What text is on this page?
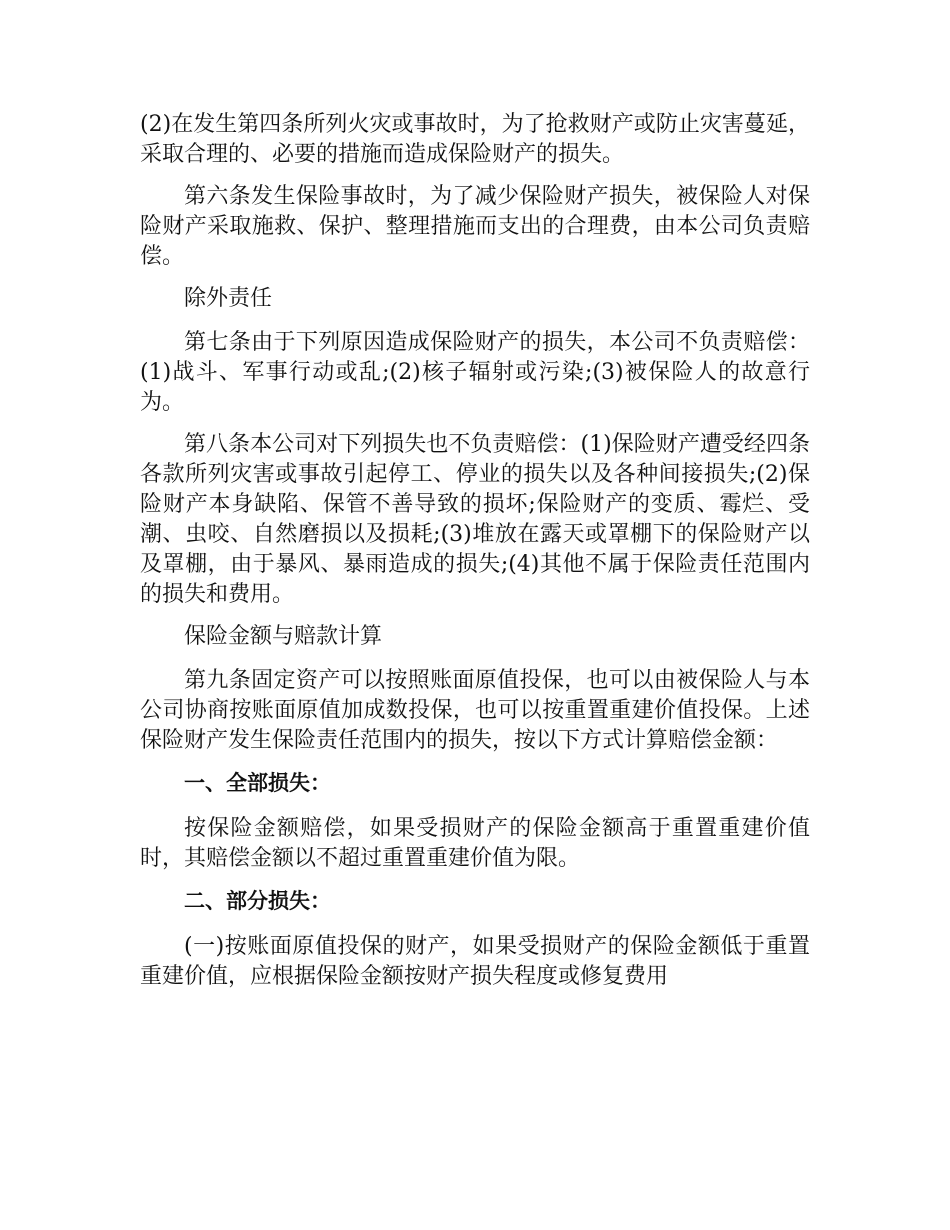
(2)在发生第四条所列火灾或事故时，为了抢救财产或防止灾害蔓延，采取合理的、必要的措施而造成保险财产的损失。

第六条发生保险事故时，为了减少保险财产损失，被保险人对保险财产采取施救、保护、整理措施而支出的合理费，由本公司负责赔偿。

除外责任

第七条由于下列原因造成保险财产的损失，本公司不负责赔偿：(1)战斗、军事行动或乱;(2)核子辐射或污染;(3)被保险人的故意行为。

第八条本公司对下列损失也不负责赔偿：(1)保险财产遭受经四条各款所列灾害或事故引起停工、停业的损失以及各种间接损失;(2)保险财产本身缺陷、保管不善导致的损坏;保险财产的变质、霉烂、受潮、虫咬、自然磨损以及损耗;(3)堆放在露天或罩棚下的保险财产以及罩棚，由于暴风、暴雨造成的损失;(4)其他不属于保险责任范围内的损失和费用。

保险金额与赔款计算

第九条固定资产可以按照账面原值投保，也可以由被保险人与本公司协商按账面原值加成数投保，也可以按重置重建价值投保。上述保险财产发生保险责任范围内的损失，按以下方式计算赔偿金额：

一、全部损失：

按保险金额赔偿，如果受损财产的保险金额高于重置重建价值时，其赔偿金额以不超过重置重建价值为限。

二、部分损失：

(一)按账面原值投保的财产，如果受损财产的保险金额低于重置重建价值，应根据保险金额按财产损失程度或修复费用
